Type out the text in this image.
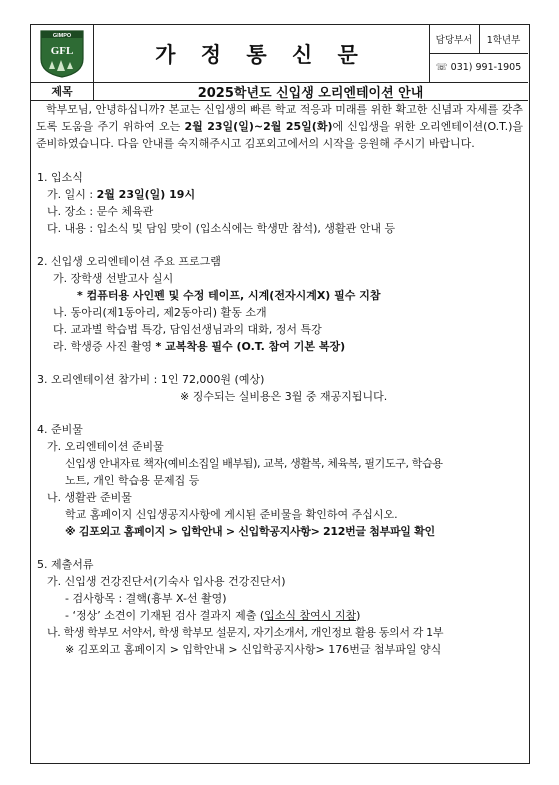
GIMPO
GFL	가 정 통 신 문
담당부서	1학년부
☏ 031) 991-1905
제목	2025학년도 신입생 오리엔테이션 안내

학부모님, 안녕하십니까? 본교는 신입생의 빠른 학교 적응과 미래를 위한 확고한 신념과 자세를 갖추도록 도움을 주기 위하여 오는 2월 23일(일)~2월 25일(화)에 신입생을 위한 오리엔테이션(O.T.)을 준비하였습니다. 다음 안내를 숙지해주시고 김포외고에서의 시작을 응원해 주시기 바랍니다.

1. 입소식
가. 일시 : 2월 23일(일) 19시
나. 장소 : 문수 체육관
다. 내용 : 입소식 및 담임 맞이 (입소식에는 학생만 참석), 생활관 안내 등
2. 신입생 오리엔테이션 주요 프로그램
가. 장학생 선발고사 실시
* 컴퓨터용 사인펜 및 수정 테이프, 시계(전자시계X) 필수 지참
나. 동아리(제1동아리, 제2동아리) 활동 소개
다. 교과별 학습법 특강, 담임선생님과의 대화, 정서 특강
라. 학생증 사진 촬영 * 교복착용 필수 (O.T. 참여 기본 복장)
3. 오리엔테이션 참가비 : 1인 72,000원 (예상)
※ 징수되는 실비용은 3월 중 재공지됩니다.
4. 준비물
가. 오리엔테이션 준비물
신입생 안내자료 책자(예비소집일 배부됨), 교복, 생활복, 체육복, 필기도구, 학습용
노트, 개인 학습용 문제집 등
나. 생활관 준비물
학교 홈페이지 신입생공지사항에 게시된 준비물을 확인하여 주십시오.
※ 김포외고 홈페이지 > 입학안내 > 신입학공지사항> 212번글 첨부파일 확인
5. 제출서류
가. 신입생 건강진단서(기숙사 입사용 건강진단서)
- 검사항목 : 결핵(흉부 X-선 촬영)
- ‘정상’ 소견이 기재된 검사 결과지 제출 (입소식 참여시 지참)
나. 학생 학부모 서약서, 학생 학부모 설문지, 자기소개서, 개인정보 활용 동의서 각 1부
※ 김포외고 홈페이지 > 입학안내 > 신입학공지사항> 176번글 첨부파일 양식
